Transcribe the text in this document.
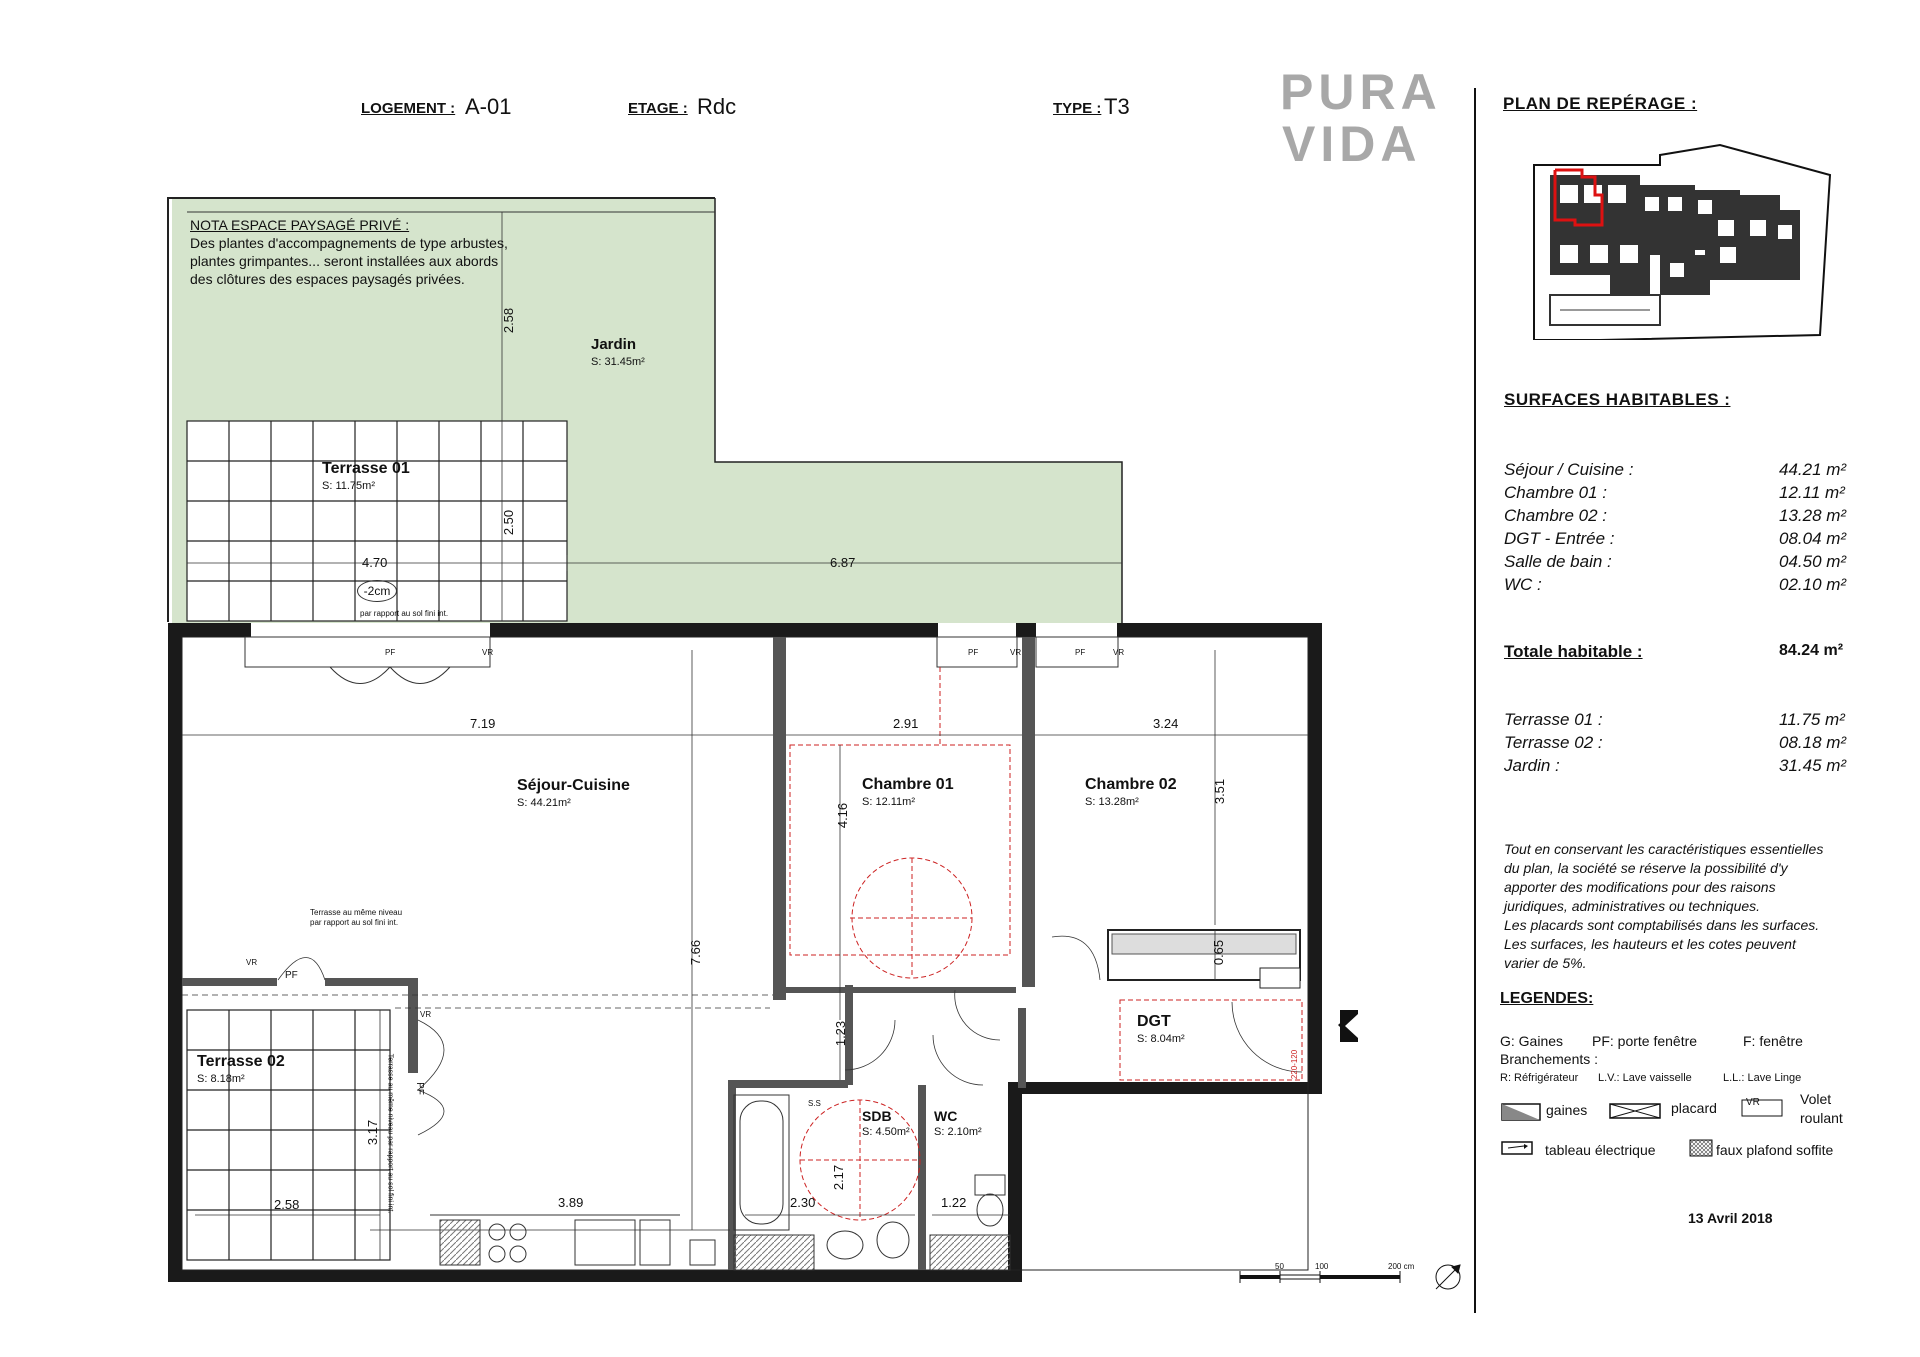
LOGEMENT : A-01	ETAGE : Rdc	TYPE : T3	PURA
VIDA
NOTA ESPACE PAYSAGÉ PRIVÉ :
Des plantes d'accompagnements de type arbustes,
plantes grimpantes... seront installées aux abords
des clôtures des espaces paysagés privées.
Jardin
S: 31.45m²
Terrasse 01
S: 11.75m²
Séjour-Cuisine
S: 44.21m²
Chambre 01
S: 12.11m²
Chambre 02
S: 13.28m²
Terrasse 02
S: 8.18m²
DGT
S: 8.04m²
SDB
S: 4.50m²
WC
S: 2.10m²
2.58
2.50
4.70	6.87
-2cm
par rapport au sol fini int.
7.19	2.91	3.24
4.16
3.51
7.66	0.65
1.23
3.17
2.58	3.89	2.30
2.17
1.22
PF	VR	PF	VR	PF	VR
VR
PF
PF
VR
S.S
Terrasse au même niveau
par rapport au sol fini int.
Terrasse au même niveau par rapport au sol fini int.	220-120
50	100	200 cm
PLAN DE REPÉRAGE :
SURFACES HABITABLES :
Séjour / Cuisine :	44.21 m²
Chambre 01 :	12.11 m²
Chambre 02 :	13.28 m²
DGT - Entrée :	08.04 m²
Salle de bain :	04.50 m²
WC :	02.10 m²
Totale habitable :	84.24 m²
Terrasse 01 :	11.75 m²
Terrasse 02 :	08.18 m²
Jardin :	31.45 m²
Tout en conservant les caractéristiques essentielles
du plan, la société se réserve la possibilité d'y
apporter des modifications pour des raisons
juridiques, administratives ou techniques.
Les placards sont comptabilisés dans les surfaces.
Les surfaces, les hauteurs et les cotes peuvent
varier de 5%.
LEGENDES:
G: Gaines PF: porte fenêtre	F: fenêtre
Branchements :
R: Réfrigérateur L.V.: Lave vaisselle	L.L.: Lave Linge
gaines	placard	VR	Volet
roulant
tableau électrique	faux plafond soffite
13 Avril 2018
